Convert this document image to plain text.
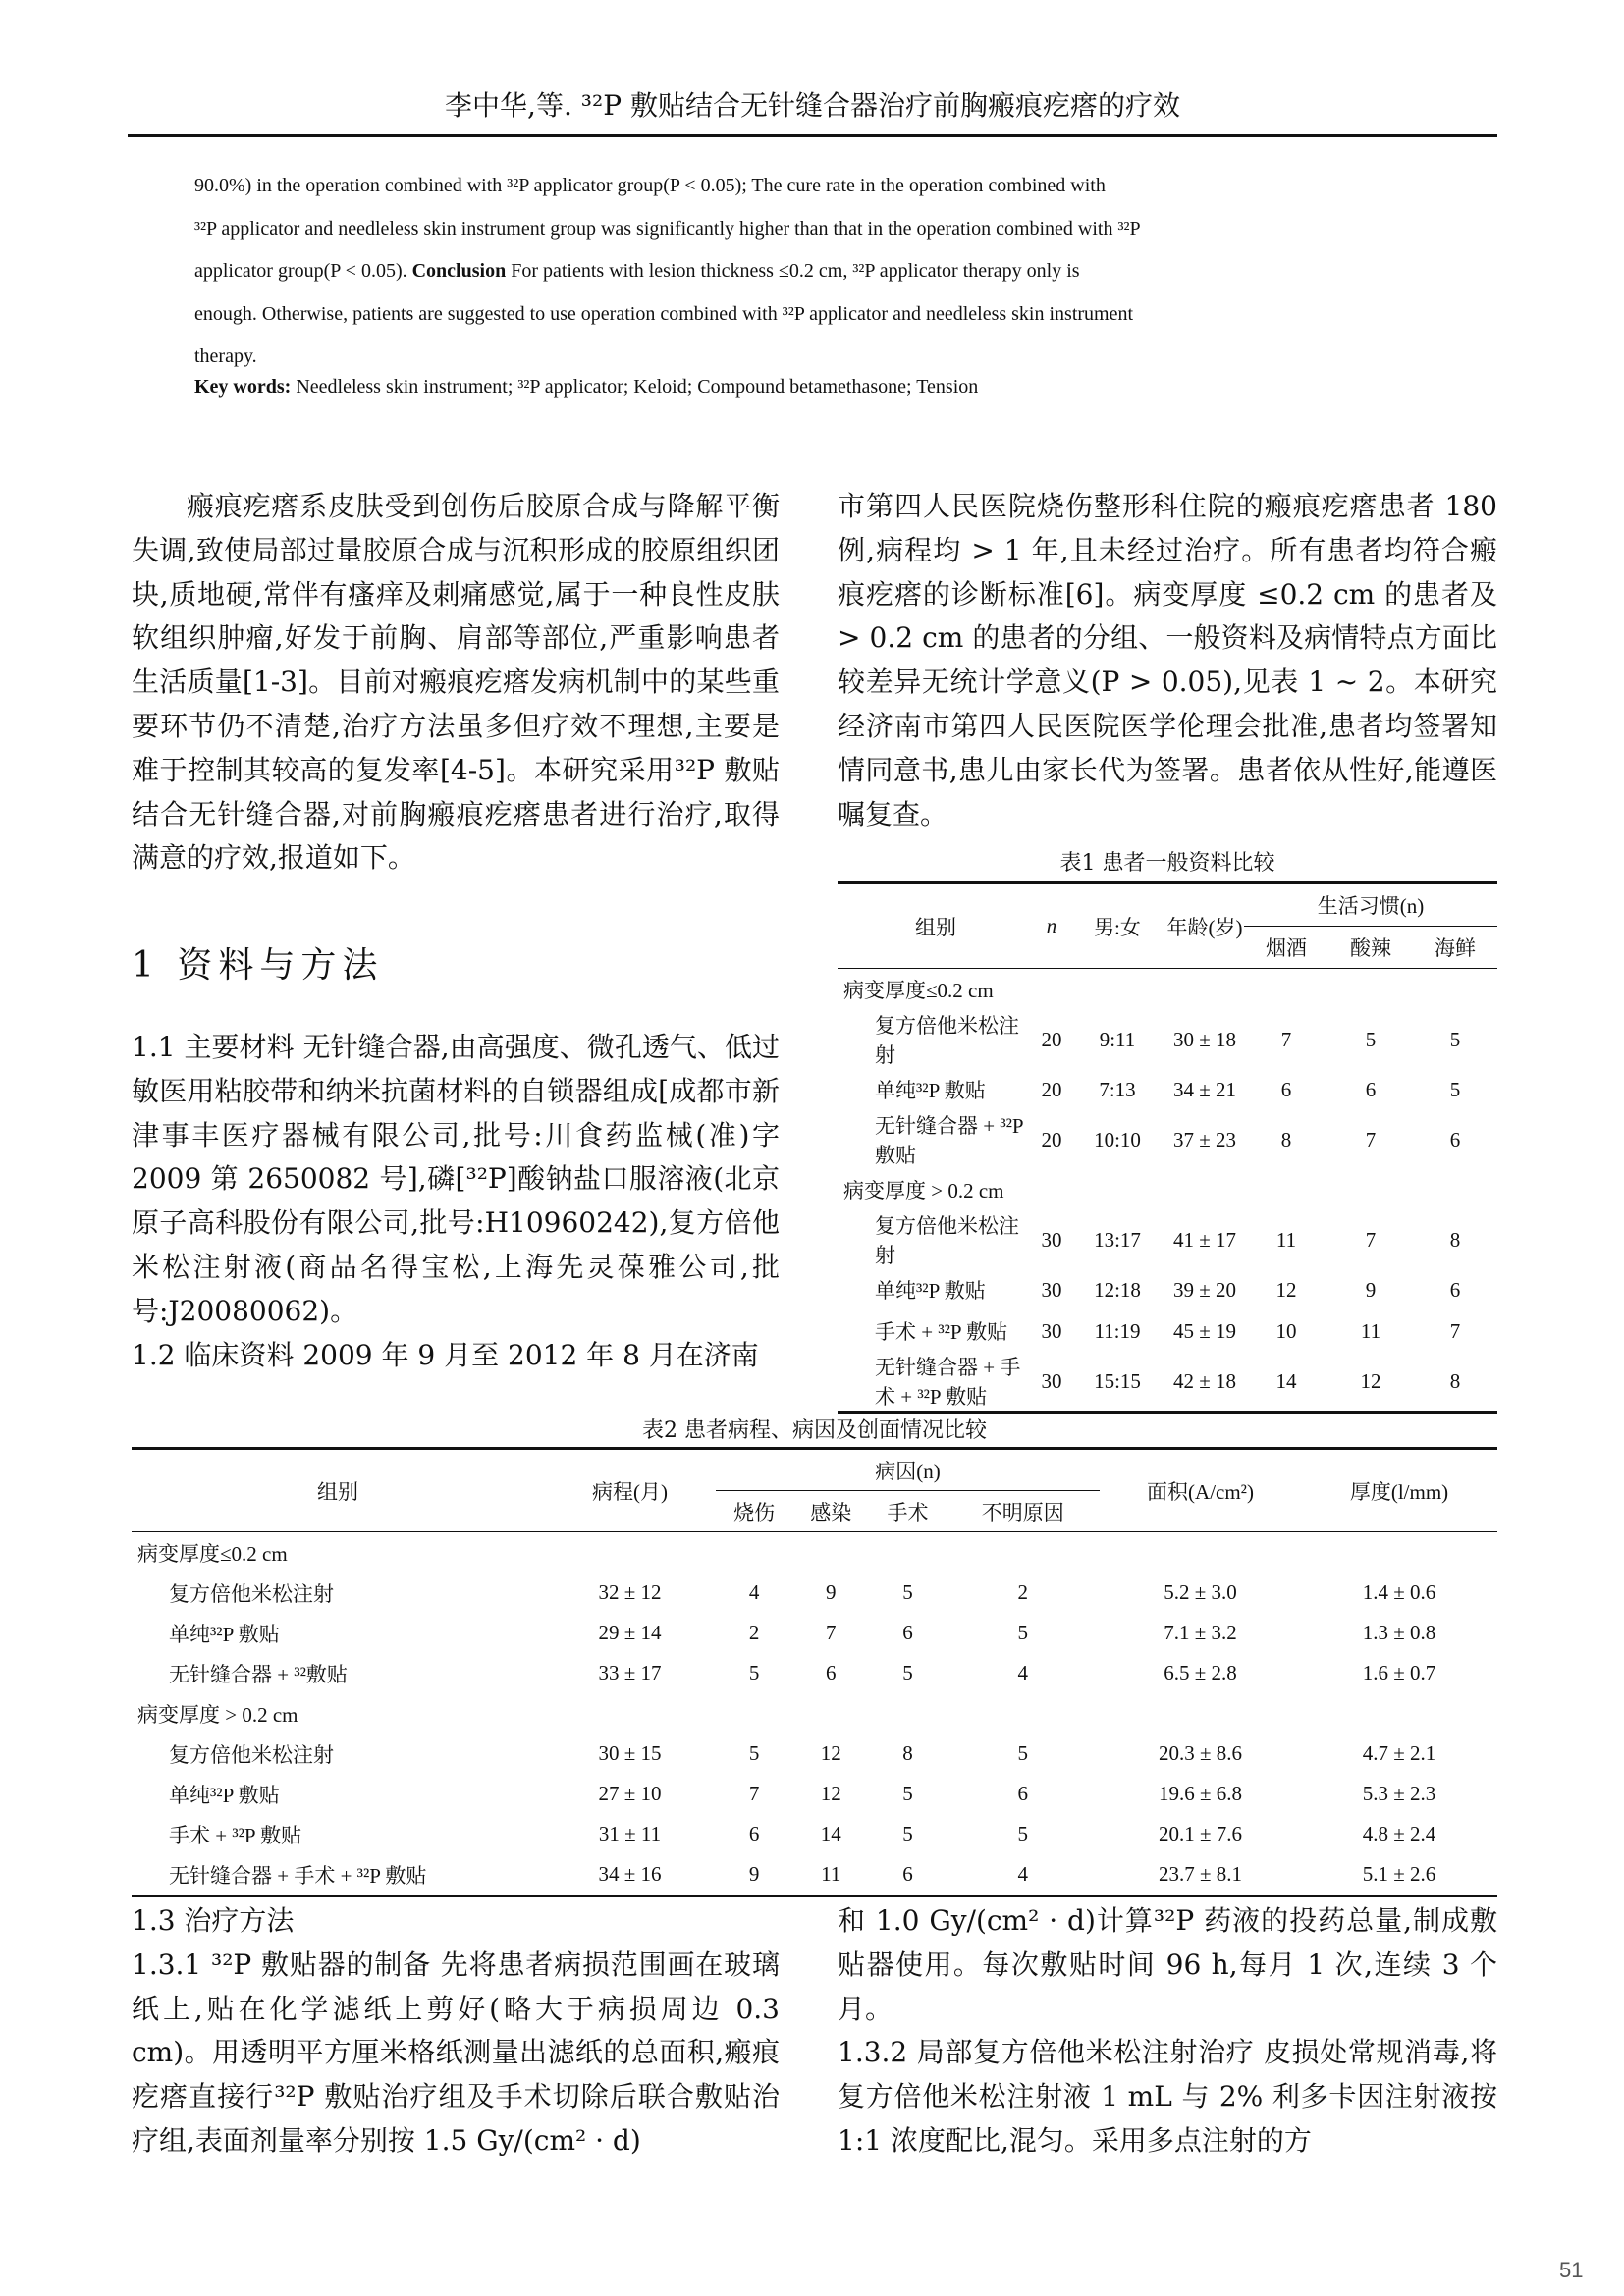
李中华,等. ³²P 敷贴结合无针缝合器治疗前胸瘢痕疙瘩的疗效
90.0%) in the operation combined with ³²P applicator group(P < 0.05); The cure rate in the operation combined with
³²P applicator and needleless skin instrument group was significantly higher than that in the operation combined with ³²P
applicator group(P < 0.05). Conclusion For patients with lesion thickness ≤0.2 cm, ³²P applicator therapy only is
enough. Otherwise, patients are suggested to use operation combined with ³²P applicator and needleless skin instrument
therapy.
Key words: Needleless skin instrument; ³²P applicator; Keloid; Compound betamethasone; Tension

瘢痕疙瘩系皮肤受到创伤后胶原合成与降解平衡失调,致使局部过量胶原合成与沉积形成的胶原组织团块,质地硬,常伴有瘙痒及刺痛感觉,属于一种良性皮肤软组织肿瘤,好发于前胸、肩部等部位,严重影响患者生活质量[1-3]。目前对瘢痕疙瘩发病机制中的某些重要环节仍不清楚,治疗方法虽多但疗效不理想,主要是难于控制其较高的复发率[4-5]。本研究采用³²P 敷贴结合无针缝合器,对前胸瘢痕疙瘩患者进行治疗,取得满意的疗效,报道如下。

1 资料与方法

1.1 主要材料 无针缝合器,由高强度、微孔透气、低过敏医用粘胶带和纳米抗菌材料的自锁器组成[成都市新津事丰医疗器械有限公司,批号:川食药监械(准)字 2009 第 2650082 号],磷[³²P]酸钠盐口服溶液(北京原子高科股份有限公司,批号:H10960242),复方倍他米松注射液(商品名得宝松,上海先灵葆雅公司,批号:J20080062)。

1.2 临床资料 2009 年 9 月至 2012 年 8 月在济南

市第四人民医院烧伤整形科住院的瘢痕疙瘩患者 180 例,病程均 > 1 年,且未经过治疗。所有患者均符合瘢痕疙瘩的诊断标准[6]。病变厚度 ≤0.2 cm 的患者及 > 0.2 cm 的患者的分组、一般资料及病情特点方面比较差异无统计学意义(P > 0.05),见表 1 ~ 2。本研究经济南市第四人民医院医学伦理会批准,患者均签署知情同意书,患儿由家长代为签署。患者依从性好,能遵医嘱复查。

表1 患者一般资料比较
组别	n	男:女	年龄(岁)	生活习惯(n)		
				烟酒	酸辣	海鲜
病变厚度≤0.2 cm						
复方倍他米松注射	20	9:11	30 ± 18	7	5	5
单纯³²P 敷贴	20	7:13	34 ± 21	6	6	5
无针缝合器 + ³²P 敷贴	20	10:10	37 ± 23	8	7	6
病变厚度 > 0.2 cm						
复方倍他米松注射	30	13:17	41 ± 17	11	7	8
单纯³²P 敷贴	30	12:18	39 ± 20	12	9	6
手术 + ³²P 敷贴	30	11:19	45 ± 19	10	11	7
无针缝合器 + 手术 + ³²P 敷贴	30	15:15	42 ± 18	14	12	8
表2 患者病程、病因及创面情况比较
组别	病程(月)	病因(n)				面积(A/cm²)	厚度(l/mm)
		烧伤	感染	手术	不明原因		
病变厚度≤0.2 cm							
复方倍他米松注射	32 ± 12	4	9	5	2	5.2 ± 3.0	1.4 ± 0.6
单纯³²P 敷贴	29 ± 14	2	7	6	5	7.1 ± 3.2	1.3 ± 0.8
无针缝合器 + ³²敷贴	33 ± 17	5	6	5	4	6.5 ± 2.8	1.6 ± 0.7
病变厚度 > 0.2 cm							
复方倍他米松注射	30 ± 15	5	12	8	5	20.3 ± 8.6	4.7 ± 2.1
单纯³²P 敷贴	27 ± 10	7	12	5	6	19.6 ± 6.8	5.3 ± 2.3
手术 + ³²P 敷贴	31 ± 11	6	14	5	5	20.1 ± 7.6	4.8 ± 2.4
无针缝合器 + 手术 + ³²P 敷贴	34 ± 16	9	11	6	4	23.7 ± 8.1	5.1 ± 2.6

1.3 治疗方法

1.3.1 ³²P 敷贴器的制备 先将患者病损范围画在玻璃纸上,贴在化学滤纸上剪好(略大于病损周边 0.3 cm)。用透明平方厘米格纸测量出滤纸的总面积,瘢痕疙瘩直接行³²P 敷贴治疗组及手术切除后联合敷贴治疗组,表面剂量率分别按 1.5 Gy/(cm² · d)

和 1.0 Gy/(cm² · d)计算³²P 药液的投药总量,制成敷贴器使用。每次敷贴时间 96 h,每月 1 次,连续 3 个月。

1.3.2 局部复方倍他米松注射治疗 皮损处常规消毒,将复方倍他米松注射液 1 mL 与 2% 利多卡因注射液按 1:1 浓度配比,混匀。采用多点注射的方

51
